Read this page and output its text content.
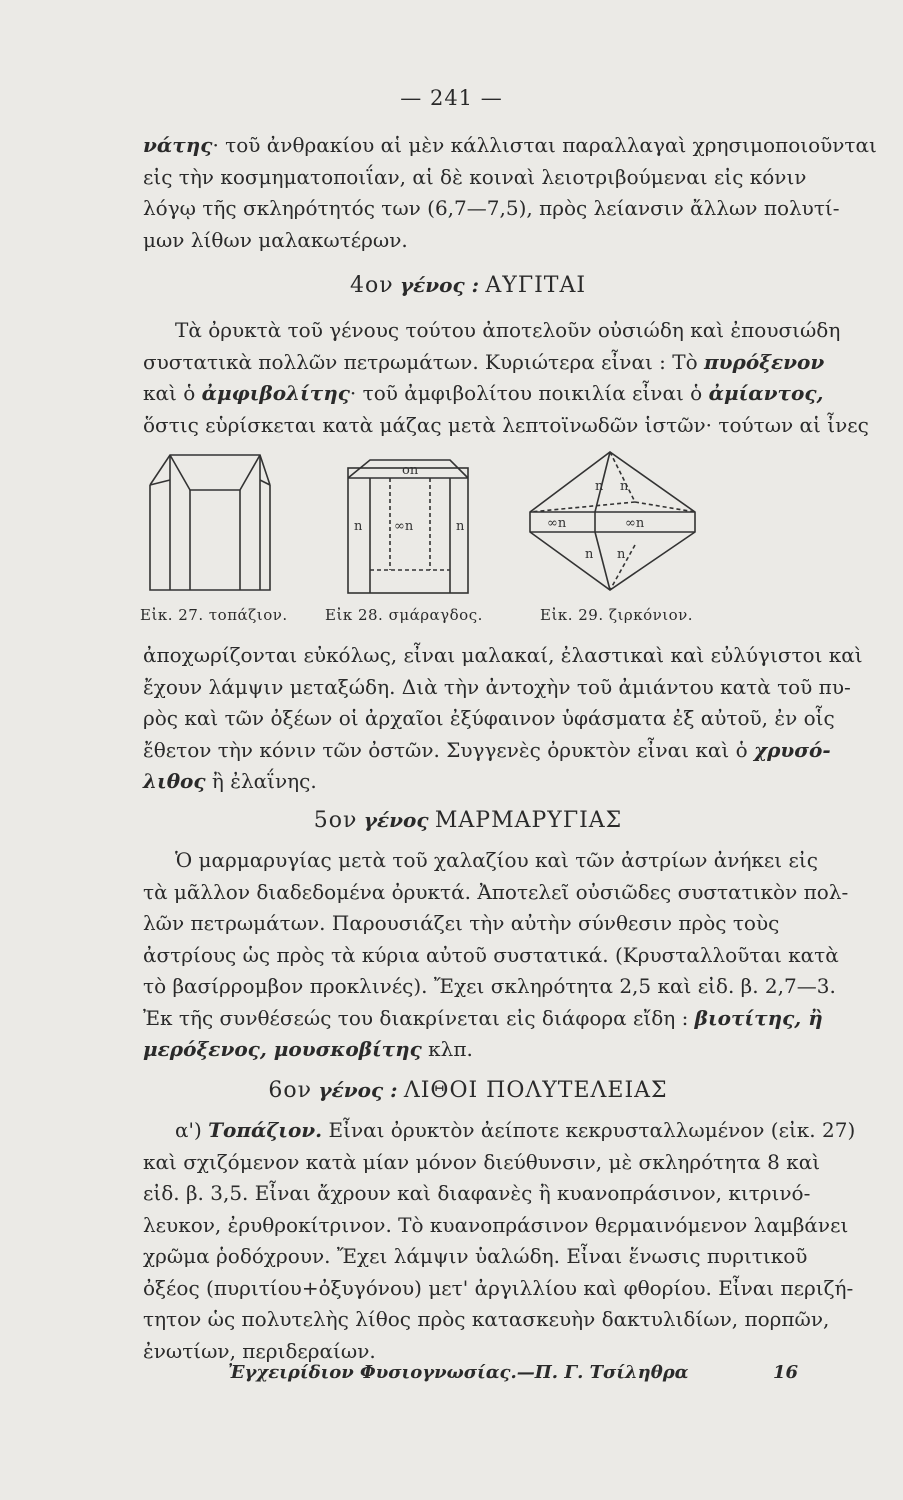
— 241 —
νάτης· τοῦ ἀνθρακίου αἱ μὲν κάλλισται παραλλαγαὶ χρησιμοποιοῦνται
εἰς τὴν κοσμηματοποιΐαν, αἱ δὲ κοιναὶ λειοτριβούμεναι εἰς κόνιν
λόγῳ τῆς σκληρότητός των (6,7—7,5), πρὸς λείανσιν ἄλλων πολυτί-
μων λίθων μαλακωτέρων.
4ον γένος : ΑΥΓΙΤΑΙ
Τὰ ὀρυκτὰ τοῦ γένους τούτου ἀποτελοῦν οὐσιώδη καὶ ἐπουσιώδη
συστατικὰ πολλῶν πετρωμάτων. Κυριώτερα εἶναι : Τὸ πυρόξενον
καὶ ὁ ἀμφιβολίτης· τοῦ ἀμφιβολίτου ποικιλία εἶναι ὁ ἀμίαντος,
ὅστις εὑρίσκεται κατὰ μάζας μετὰ λεπτοϊνωδῶν ἱστῶν· τούτων αἱ ἶνες
Εἰκ. 27. τοπάζιον.
οn
n ∞n	n
Εἰκ 28. σμάραγδος.
n n
∞n	∞n
n n
Εἰκ. 29. ζιρκόνιον.
ἀποχωρίζονται εὐκόλως, εἶναι μαλακαί, ἐλαστικαὶ καὶ εὐλύγιστοι καὶ
ἔχουν λάμψιν μεταξώδη. Διὰ τὴν ἀντοχὴν τοῦ ἀμιάντου κατὰ τοῦ πυ-
ρὸς καὶ τῶν ὀξέων οἱ ἀρχαῖοι ἐξύφαινον ὑφάσματα ἐξ αὐτοῦ, ἐν οἷς
ἔθετον τὴν κόνιν τῶν ὀστῶν. Συγγενὲς ὀρυκτὸν εἶναι καὶ ὁ χρυσό-
λιθος ἢ ἐλαΐνης.
5ον γένος ΜΑΡΜΑΡΥΓΙΑΣ
Ὁ μαρμαρυγίας μετὰ τοῦ χαλαζίου καὶ τῶν ἀστρίων ἀνήκει εἰς
τὰ μᾶλλον διαδεδομένα ὀρυκτά. Ἀποτελεῖ οὐσιῶδες συστατικὸν πολ-
λῶν πετρωμάτων. Παρουσιάζει τὴν αὐτὴν σύνθεσιν πρὸς τοὺς
ἀστρίους ὡς πρὸς τὰ κύρια αὐτοῦ συστατικά. (Κρυσταλλοῦται κατὰ
τὸ βασίρρομβον προκλινές). Ἔχει σκληρότητα 2,5 καὶ εἰδ. β. 2,7—3.
Ἐκ τῆς συνθέσεώς του διακρίνεται εἰς διάφορα εἴδη : βιοτίτης, ἢ
μερόξενος, μουσκοβίτης κλπ.
6ον γένος : ΛΙΘΟΙ ΠΟΛΥΤΕΛΕΙΑΣ
α') Τοπάζιον. Εἶναι ὀρυκτὸν ἀείποτε κεκρυσταλλωμένον (εἰκ. 27)
καὶ σχιζόμενον κατὰ μίαν μόνον διεύθυνσιν, μὲ σκληρότητα 8 καὶ
εἰδ. β. 3,5. Εἶναι ἄχρουν καὶ διαφανὲς ἢ κυανοπράσινον, κιτρινό-
λευκον, ἐρυθροκίτρινον. Τὸ κυανοπράσινον θερμαινόμενον λαμβάνει
χρῶμα ῥοδόχρουν. Ἔχει λάμψιν ὑαλώδη. Εἶναι ἕνωσις πυριτικοῦ
ὀξέος (πυριτίου+ὀξυγόνου) μετ' ἀργιλλίου καὶ φθορίου. Εἶναι περιζή-
τητον ὡς πολυτελὴς λίθος πρὸς κατασκευὴν δακτυλιδίων, πορπῶν,
ἐνωτίων, περιδεραίων.
Ἐγχειρίδιον Φυσιογνωσίας.—Π. Γ. Τσίληθρα	16
